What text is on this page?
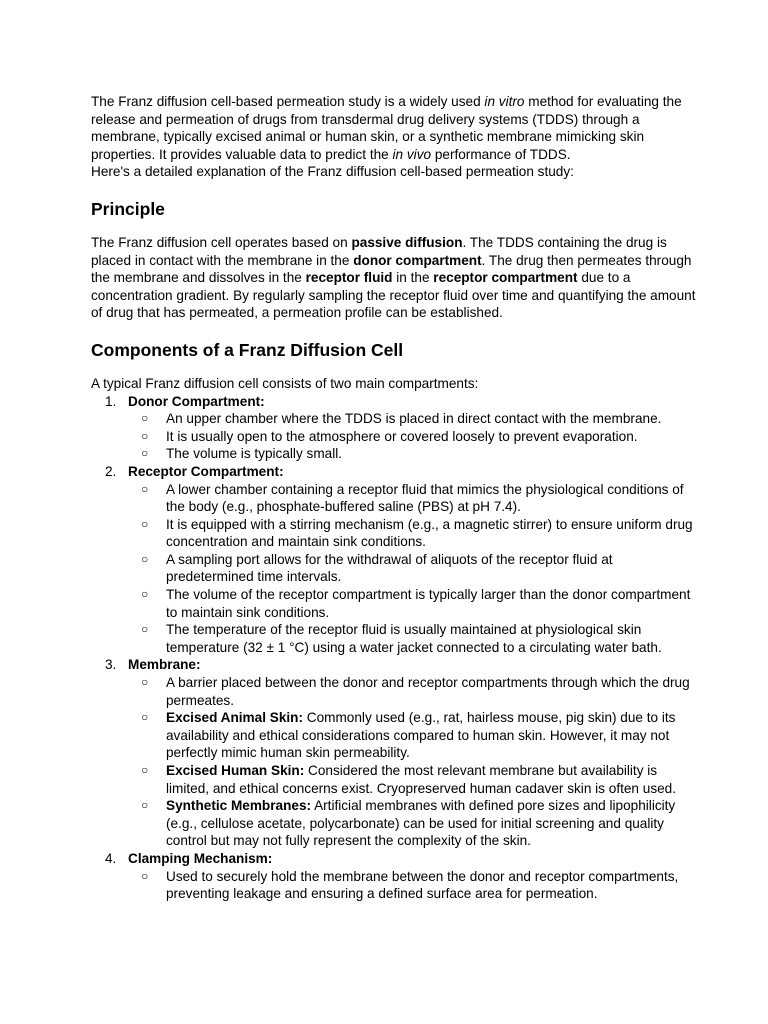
The Franz diffusion cell-based permeation study is a widely used in vitro method for evaluating the release and permeation of drugs from transdermal drug delivery systems (TDDS) through a membrane, typically excised animal or human skin, or a synthetic membrane mimicking skin properties. It provides valuable data to predict the in vivo performance of TDDS.

Here's a detailed explanation of the Franz diffusion cell-based permeation study:

Principle

The Franz diffusion cell operates based on passive diffusion. The TDDS containing the drug is placed in contact with the membrane in the donor compartment. The drug then permeates through the membrane and dissolves in the receptor fluid in the receptor compartment due to a concentration gradient. By regularly sampling the receptor fluid over time and quantifying the amount of drug that has permeated, a permeation profile can be established.

Components of a Franz Diffusion Cell

A typical Franz diffusion cell consists of two main compartments:

1. Donor Compartment:
○ An upper chamber where the TDDS is placed in direct contact with the membrane.
○ It is usually open to the atmosphere or covered loosely to prevent evaporation.
○ The volume is typically small.
2. Receptor Compartment:
○ A lower chamber containing a receptor fluid that mimics the physiological conditions of the body (e.g., phosphate-buffered saline (PBS) at pH 7.4).
○ It is equipped with a stirring mechanism (e.g., a magnetic stirrer) to ensure uniform drug concentration and maintain sink conditions.
○ A sampling port allows for the withdrawal of aliquots of the receptor fluid at predetermined time intervals.
○ The volume of the receptor compartment is typically larger than the donor compartment to maintain sink conditions.
○ The temperature of the receptor fluid is usually maintained at physiological skin temperature (32 ± 1 °C) using a water jacket connected to a circulating water bath.
3. Membrane:
○ A barrier placed between the donor and receptor compartments through which the drug permeates.
○ Excised Animal Skin: Commonly used (e.g., rat, hairless mouse, pig skin) due to its availability and ethical considerations compared to human skin. However, it may not perfectly mimic human skin permeability.
○ Excised Human Skin: Considered the most relevant membrane but availability is limited, and ethical concerns exist. Cryopreserved human cadaver skin is often used.
○ Synthetic Membranes: Artificial membranes with defined pore sizes and lipophilicity (e.g., cellulose acetate, polycarbonate) can be used for initial screening and quality control but may not fully represent the complexity of the skin.
4. Clamping Mechanism:
○ Used to securely hold the membrane between the donor and receptor compartments, preventing leakage and ensuring a defined surface area for permeation.
